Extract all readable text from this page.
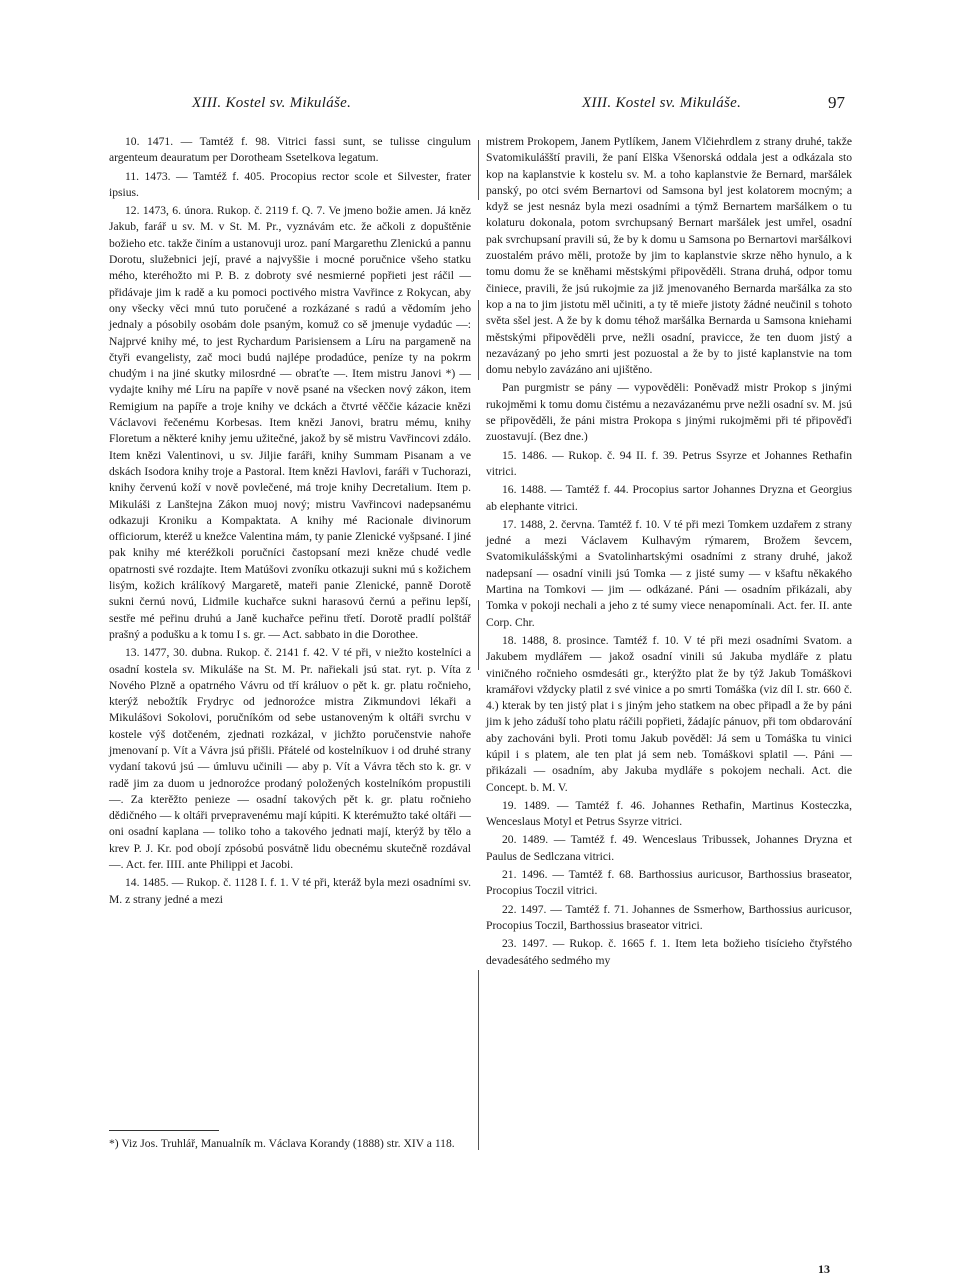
XIII. Kostel sv. Mikuláše.	XIII. Kostel sv. Mikuláše.	97

10. 1471. — Tamtéž f. 98. Vitrici fassi sunt, se tulisse cingulum argenteum deauratum per Dorotheam Ssetelkova legatum.

11. 1473. — Tamtéž f. 405. Procopius rector scole et Silvester, frater ipsius.

12. 1473, 6. února. Rukop. č. 2119 f. Q. 7. Ve jmeno božie amen. Já kněz Jakub, farář u sv. M. v St. M. Pr., vyznávám etc. že ačkoli z dopuštěnie božieho etc. takže činím a ustanovuji uroz. paní Margarethu Zlenickú a pannu Dorotu, služebnici její, pravé a najvyššie i mocné poručnice všeho statku mého, kteréhožto mi P. B. z dobroty své nesmierné popřieti jest ráčil — přidávaje jim k radě a ku pomoci poctivého mistra Vavřince z Rokycan, aby ony všecky věci mnú tuto poručené a rozkázané s radú a vědomím jeho jednaly a pósobily osobám dole psaným, komuž co sě jmenuje vydadúc —: Najprvé knihy mé, to jest Rychardum Parisiensem a Líru na pargameně na čtyři evangelisty, zač moci budú najlépe prodadúce, peníze ty na pokrm chudým i na jiné skutky milosrdné — obraťte —. Item mistru Janovi *) — vydajte knihy mé Líru na papíře v nově psané na všecken nový zákon, item Remigium na papíře a troje knihy ve dckách a čtvrté věččie kázacie knězi Václavovi řečenému Korbesas. Item knězi Janovi, bratru mému, knihy Floretum a některé knihy jemu užitečné, jakož by sě mistru Vavřincovi zdálo. Item knězi Valentinovi, u sv. Jiljie faráři, knihy Summam Pisanam a ve dskách Isodora knihy troje a Pastoral. Item knězi Havlovi, faráři v Tuchorazi, knihy červenú koží v nově povlečené, má troje knihy Decretalium. Item p. Mikuláši z Lanštejna Zákon muoj nový; mistru Vavřincovi nadepsanému odkazuji Kroniku a Kompaktata. A knihy mé Racionale divinorum officiorum, kteréž u knežce Valentina mám, ty panie Zlenické vyšpsané. I jiné pak knihy mé kteréžkoli poručníci častopsaní mezi kněze chudé vedle opatrnosti své rozdajte. Item Matúšovi zvoníku otkazuji sukni mú s kožichem lisým, kožich králíkový Margaretě, mateři panie Zlenické, panně Dorotě sukni černú novú, Lidmile kuchařce sukni harasovú černú a peřinu lepší, sestře mé peřinu druhú a Janě kuchařce peřinu třetí. Dorotě pradlí polštář prašný a podušku a k tomu I s. gr. — Act. sabbato in die Dorothee.

13. 1477, 30. dubna. Rukop. č. 2141 f. 42. V té při, v niežto kostelníci a osadní kostela sv. Mikuláše na St. M. Pr. nařiekali jsú stat. ryt. p. Víta z Nového Plzně a opatrného Vávru od tří králuov o pět k. gr. platu ročnieho, kterýž nebožtík Frydryc od jednoroźce mistra Zikmundovi lékaři a Mikulášovi Sokolovi, poručníkóm od sebe ustanoveným k oltáři svrchu v kostele výš dotčeném, zjednati rozkázal, v jichžto poručenstvie nahoře jmenovaní p. Vít a Vávra jsú přišli. Přátelé od kostelníkuov i od druhé strany vydaní takovú jsú — úmluvu učinili — aby p. Vít a Vávra těch sto k. gr. v radě jim za duom u jednoroźce prodaný položených kostelníkóm propustili —. Za kterěžto penieze — osadní takových pět k. gr. platu ročnieho dědičného — k oltáři prvepravenému mají kúpiti. K kterémužto také oltáři — oni osadní kaplana — toliko toho a takového jednati mají, kterýž by tělo a krev P. J. Kr. pod obojí zpósobú posvátně lidu obecnému skutečně rozdával —. Act. fer. IIII. ante Philippi et Jacobi.

14. 1485. — Rukop. č. 1128 I. f. 1. V té při, kteráž byla mezi osadními sv. M. z strany jedné a mezi

mistrem Prokopem, Janem Pytlíkem, Janem Vlčiehrdlem z strany druhé, takže Svatomikulášští pravili, že paní Elška Všenorská oddala jest a odkázala sto kop na kaplanstvie k kostelu sv. M. a toho kaplanstvie že Bernard, maršálek panský, po otci svém Bernartovi od Samsona byl jest kolatorem mocným; a když se jest nesnáz byla mezi osadními a týmž Bernartem maršálkem o tu kolaturu dokonala, potom svrchupsaný Bernart maršálek jest umřel, osadní pak svrchupsaní pravili sú, že by k domu u Samsona po Bernartovi maršálkovi zuostalém právo měli, protože by jim to kaplanstvie skrze něho hynulo, a k tomu domu že se kněhami městskými připověděli. Strana druhá, odpor tomu činiece, pravili, že jsú rukojmie za již jmenovaného Bernarda maršálka za sto kop a na to jim jistotu měl učiniti, a ty tě mieře jistoty žádné neučinil s tohoto světa sšel jest. A že by k domu téhož maršálka Bernarda u Samsona kniehami městskými připověděli prve, nežli osadní, pravicce, že ten duom jistý a nezavázaný po jeho smrti jest pozuostal a že by to jisté kaplanstvie na tom domu nebylo zavázáno ani ujištěno.

Pan purgmistr se pány — vypověděli: Poněvadž mistr Prokop s jinými rukojměmi k tomu domu čistému a nezavázanému prve nežli osadní sv. M. jsú se připověděli, že páni mistra Prokopa s jinými rukojměmi při té připověďi zuostavují. (Bez dne.)

15. 1486. — Rukop. č. 94 II. f. 39. Petrus Ssyrze et Johannes Rethafin vitrici.

16. 1488. — Tamtéž f. 44. Procopius sartor Johannes Dryzna et Georgius ab elephante vitrici.

17. 1488, 2. června. Tamtéž f. 10. V té při mezi Tomkem uzdařem z strany jedné a mezi Václavem Kulhavým rýmarem, Brožem ševcem, Svatomikulášskými a Svatolinhartskými osadními z strany druhé, jakož nadepsaní — osadní vinili jsú Tomka — z jisté sumy — v kšaftu někakého Martina na Tomkovi — jim — odkázané. Páni — osadním přikázali, aby Tomka v pokoji nechali a jeho z té sumy viece nenapomínali. Act. fer. II. ante Corp. Chr.

18. 1488, 8. prosince. Tamtéž f. 10. V té při mezi osadními Svatom. a Jakubem mydlářem — jakož osadní vinili sú Jakuba mydláře z platu viničného ročnieho osmdesáti gr., kterýžto plat že by týž Jakub Tomáškovi kramářovi vždycky platil z své vinice a po smrti Tomáška (viz díl I. str. 660 č. 4.) kterak by ten jistý plat i s jiným jeho statkem na obec připadl a že by páni jim k jeho záduší toho platu ráčili popřieti, žádajíc pánuov, při tom obdarování aby zachováni byli. Proti tomu Jakub pověděl: Já sem u Tomáška tu vinici kúpil i s platem, ale ten plat já sem neb. Tomáškovi splatil —. Páni — přikázali — osadním, aby Jakuba mydláře s pokojem nechali. Act. die Concept. b. M. V.

19. 1489. — Tamtéž f. 46. Johannes Rethafin, Martinus Kosteczka, Wenceslaus Motyl et Petrus Ssyrze vitrici.

20. 1489. — Tamtéž f. 49. Wenceslaus Tribussek, Johannes Dryzna et Paulus de Sedlczana vitrici.

21. 1496. — Tamtéž f. 68. Barthossius auricusor, Barthossius braseator, Procopius Toczil vitrici.

22. 1497. — Tamtéž f. 71. Johannes de Ssmerhow, Barthossius auricusor, Procopius Toczil, Barthossius braseator vitrici.

23. 1497. — Rukop. č. 1665 f. 1. Item leta božieho tisícieho čtyřstého devadesátého sedmého my

*) Viz Jos. Truhlář, Manualník m. Václava Korandy (1888) str. XIV a 118.
13
